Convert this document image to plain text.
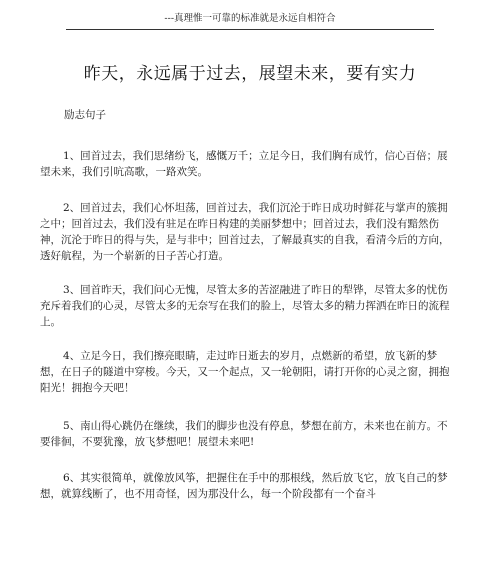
---真理惟一可靠的标准就是永远自相符合
昨天，永远属于过去，展望未来，要有实力
励志句子

1、回首过去，我们思绪纷飞，感慨万千；立足今日，我们胸有成竹，信心百倍；展望未来，我们引吭高歌，一路欢笑。

2、回首过去，我们心怀坦荡，回首过去，我们沉沦于昨日成功时鲜花与掌声的簇拥之中；回首过去，我们没有驻足在昨日构建的美丽梦想中；回首过去，我们没有黯然伤神，沉沦于昨日的得与失，是与非中；回首过去，了解最真实的自我，看清今后的方向，透好航程，为一个崭新的日子苦心打造。

3、回首昨天，我们问心无愧，尽管太多的苦涩融进了昨日的犁铧，尽管太多的忧伤充斥着我们的心灵，尽管太多的无奈写在我们的脸上，尽管太多的精力挥洒在昨日的流程上。

4、立足今日，我们擦亮眼睛，走过昨日逝去的岁月，点燃新的希望，放飞新的梦想，在日子的隧道中穿梭。今天，又一个起点，又一轮朝阳，请打开你的心灵之窗，拥抱阳光！拥抱今天吧！

5、南山得心跳仍在继续，我们的脚步也没有停息，梦想在前方，未来也在前方。不要徘徊，不要犹豫，放飞梦想吧！展望未来吧!

6、其实很简单，就像放风筝，把握住在手中的那根线，然后放飞它，放飞自己的梦想，就算线断了，也不用奇怪，因为那没什么，每一个阶段都有一个奋斗
